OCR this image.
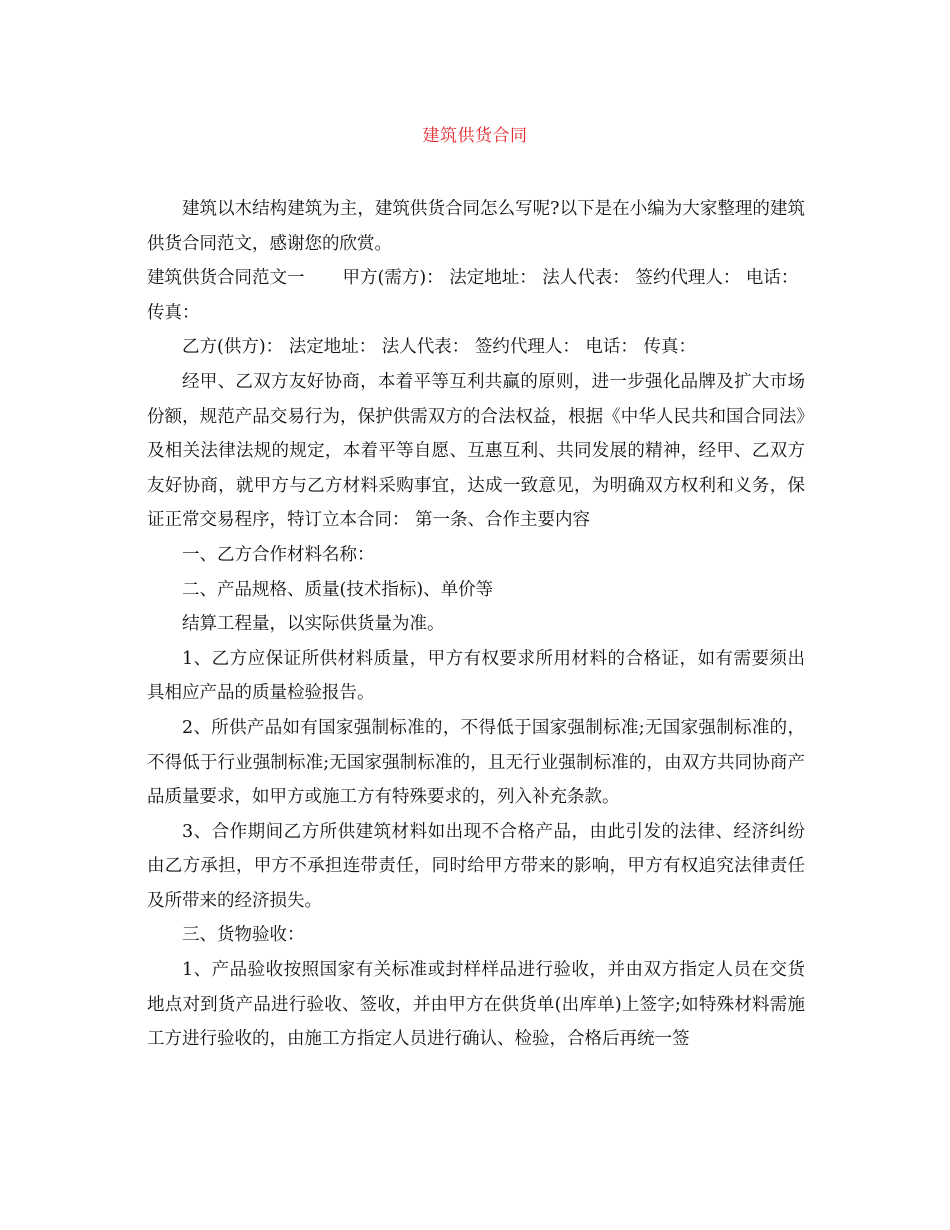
建筑供货合同

建筑以木结构建筑为主，建筑供货合同怎么写呢?以下是在小编为大家整理的建筑供货合同范文，感谢您的欣赏。

建筑供货合同范文一 甲方(需方)： 法定地址： 法人代表： 签约代理人： 电话： 传真：

乙方(供方)： 法定地址： 法人代表： 签约代理人： 电话： 传真：

经甲、乙双方友好协商，本着平等互利共赢的原则，进一步强化品牌及扩大市场份额，规范产品交易行为，保护供需双方的合法权益，根据《中华人民共和国合同法》及相关法律法规的规定，本着平等自愿、互惠互利、共同发展的精神，经甲、乙双方友好协商，就甲方与乙方材料采购事宜，达成一致意见，为明确双方权利和义务，保证正常交易程序，特订立本合同： 第一条、合作主要内容

一、乙方合作材料名称：

二、产品规格、质量(技术指标)、单价等

结算工程量，以实际供货量为准。

1、乙方应保证所供材料质量，甲方有权要求所用材料的合格证，如有需要须出具相应产品的质量检验报告。

2、所供产品如有国家强制标准的，不得低于国家强制标准;无国家强制标准的，不得低于行业强制标准;无国家强制标准的，且无行业强制标准的，由双方共同协商产品质量要求，如甲方或施工方有特殊要求的，列入补充条款。

3、合作期间乙方所供建筑材料如出现不合格产品，由此引发的法律、经济纠纷由乙方承担，甲方不承担连带责任，同时给甲方带来的影响，甲方有权追究法律责任及所带来的经济损失。

三、货物验收：

1、产品验收按照国家有关标准或封样样品进行验收，并由双方指定人员在交货地点对到货产品进行验收、签收，并由甲方在供货单(出库单)上签字;如特殊材料需施工方进行验收的，由施工方指定人员进行确认、检验，合格后再统一签
